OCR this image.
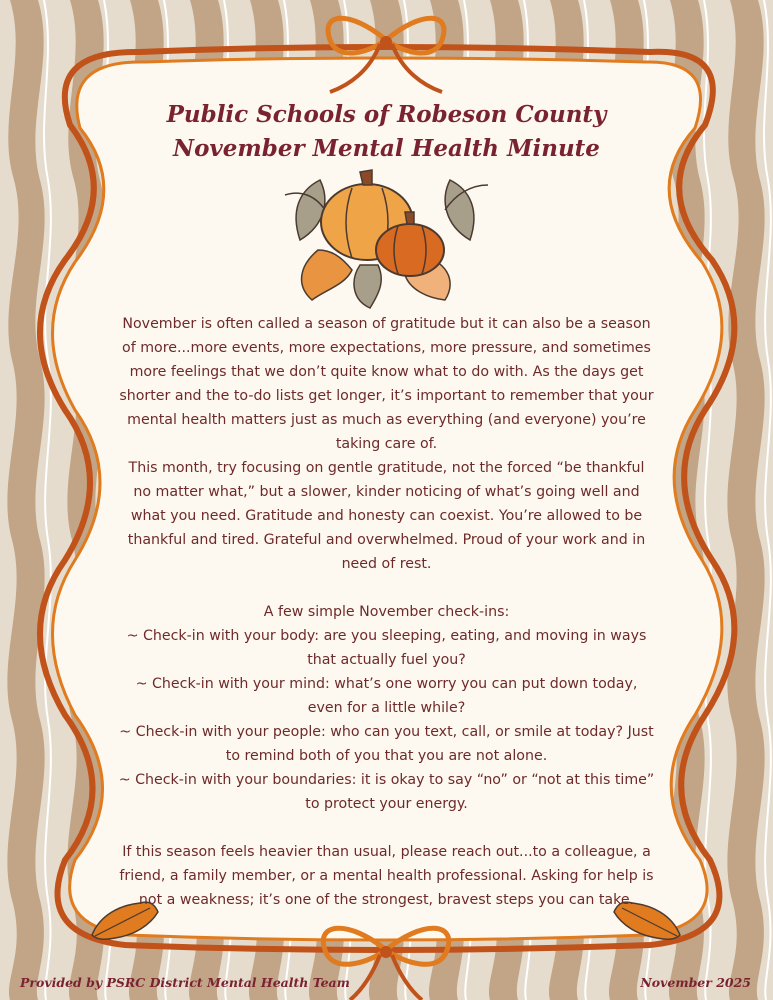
Public Schools of Robeson County
November Mental Health Minute

November is often called a season of gratitude but it can also be a season of more...more events, more expectations, more pressure, and sometimes more feelings that we don’t quite know what to do with. As the days get shorter and the to-do lists get longer, it’s important to remember that your mental health matters just as much as everything (and everyone) you’re taking care of.

This month, try focusing on gentle gratitude, not the forced “be thankful no matter what,” but a slower, kinder noticing of what’s going well and what you need. Gratitude and honesty can coexist. You’re allowed to be thankful and tired. Grateful and overwhelmed. Proud of your work and in need of rest.

A few simple November check-ins:

~ Check-in with your body: are you sleeping, eating, and moving in ways that actually fuel you?

~ Check-in with your mind: what’s one worry you can put down today, even for a little while?

~ Check-in with your people: who can you text, call, or smile at today? Just to remind both of you that you are not alone.

~ Check-in with your boundaries: it is okay to say “no” or “not at this time” to protect your energy.

If this season feels heavier than usual, please reach out...to a colleague, a friend, a family member, or a mental health professional. Asking for help is not a weakness; it’s one of the strongest, bravest steps you can take.

Provided by PSRC District Mental Health Team	November 2025
